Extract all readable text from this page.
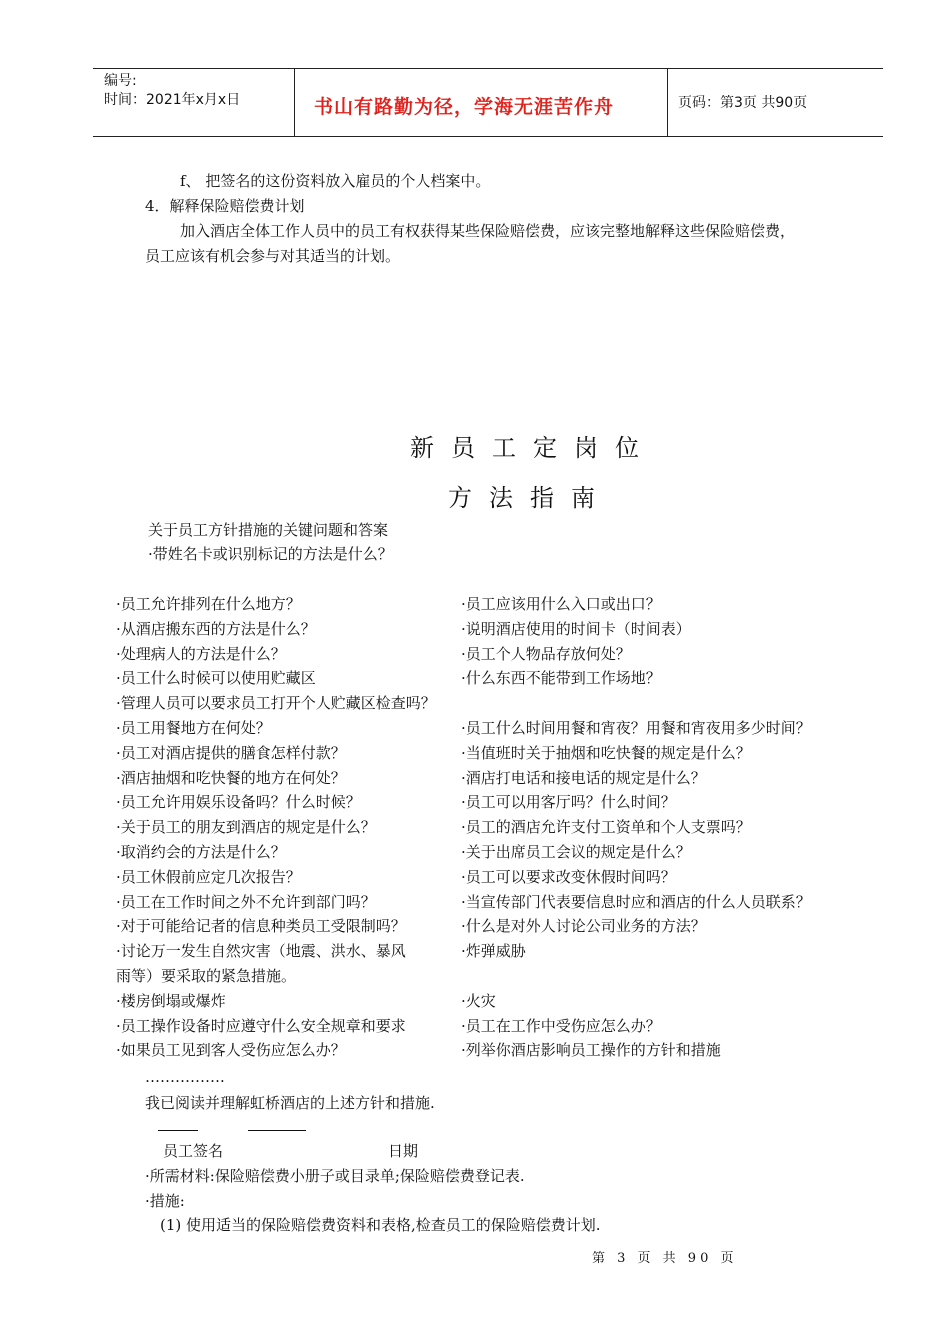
编号:
时间：2021年x月x日	书山有路勤为径，学海无涯苦作舟	页码：第3页 共90页
f、 把签名的这份资料放入雇员的个人档案中。
4．解释保险赔偿费计划
加入酒店全体工作人员中的员工有权获得某些保险赔偿费，应该完整地解释这些保险赔偿费，
员工应该有机会参与对其适当的计划。
新员工定岗位
方法指南
关于员工方针措施的关键问题和答案
·带姓名卡或识别标记的方法是什么？
·员工允许排列在什么地方？
·从酒店搬东西的方法是什么？
·处理病人的方法是什么？
·员工什么时候可以使用贮藏区
·管理人员可以要求员工打开个人贮藏区检查吗？
·员工用餐地方在何处？
·员工对酒店提供的膳食怎样付款？
·酒店抽烟和吃快餐的地方在何处？
·员工允许用娱乐设备吗？什么时候？
·关于员工的朋友到酒店的规定是什么？
·取消约会的方法是什么？
·员工休假前应定几次报告？
·员工在工作时间之外不允许到部门吗？
·对于可能给记者的信息种类员工受限制吗？
·讨论万一发生自然灾害（地震、洪水、暴风
雨等）要采取的紧急措施。
·楼房倒塌或爆炸
·员工操作设备时应遵守什么安全规章和要求
·如果员工见到客人受伤应怎么办？
·员工应该用什么入口或出口？
·说明酒店使用的时间卡（时间表）
·员工个人物品存放何处？
·什么东西不能带到工作场地？
·员工什么时间用餐和宵夜？用餐和宵夜用多少时间？
·当值班时关于抽烟和吃快餐的规定是什么？
·酒店打电话和接电话的规定是什么？
·员工可以用客厅吗？什么时间？
·员工的酒店允许支付工资单和个人支票吗？
·关于出席员工会议的规定是什么？
·员工可以要求改变休假时间吗？
·当宣传部门代表要信息时应和酒店的什么人员联系？
·什么是对外人讨论公司业务的方法？
·炸弹威胁
·火灾
·员工在工作中受伤应怎么办？
·列举你酒店影响员工操作的方针和措施
…………….
我已阅读并理解虹桥酒店的上述方针和措施.
员工签名	日期
·所需材料:保险赔偿费小册子或目录单;保险赔偿费登记表.
·措施:
(1) 使用适当的保险赔偿费资料和表格,检查员工的保险赔偿费计划.
第 3 页 共 90 页
